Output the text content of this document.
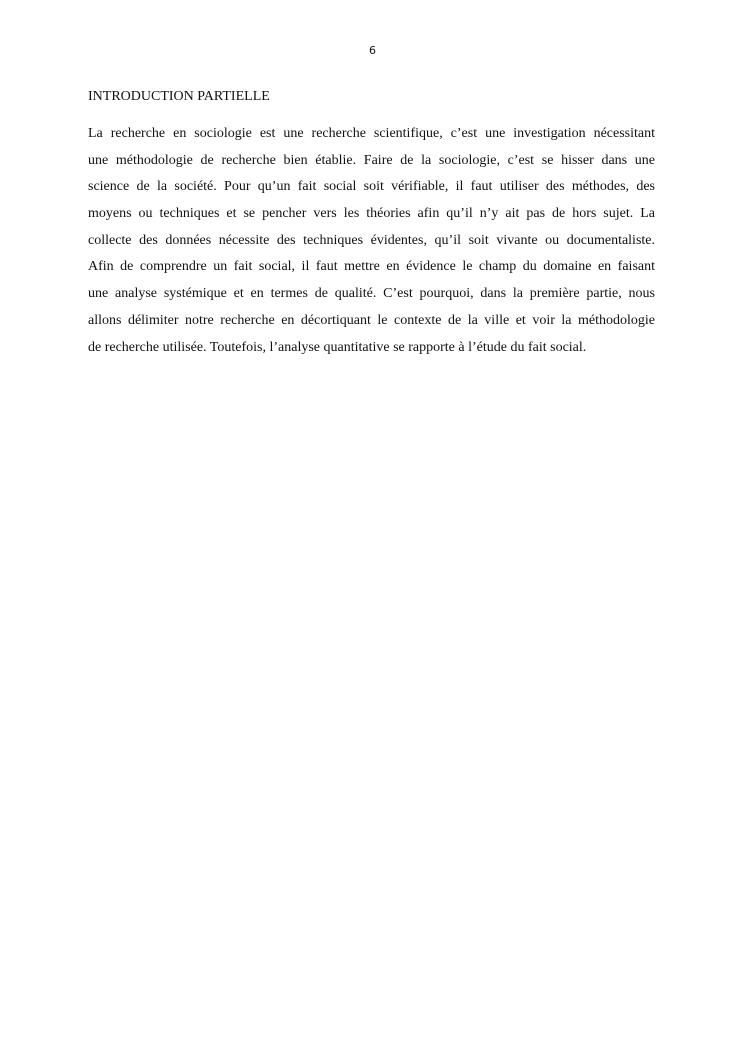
6
INTRODUCTION PARTIELLE
La recherche en sociologie est une recherche scientifique, c’est une investigation nécessitant
une méthodologie de recherche bien établie. Faire de la sociologie, c’est se hisser dans une
science de la société. Pour qu’un fait social soit vérifiable, il faut utiliser des méthodes, des
moyens ou techniques et se pencher vers les théories afin qu’il n’y ait pas de hors sujet. La
collecte des données nécessite des techniques évidentes, qu’il soit vivante ou documentaliste.
Afin de comprendre un fait social, il faut mettre en évidence le champ du domaine en faisant
une analyse systémique et en termes de qualité. C’est pourquoi, dans la première partie, nous
allons délimiter notre recherche en décortiquant le contexte de la ville et voir la méthodologie
de recherche utilisée. Toutefois, l’analyse quantitative se rapporte à l’étude du fait social.
